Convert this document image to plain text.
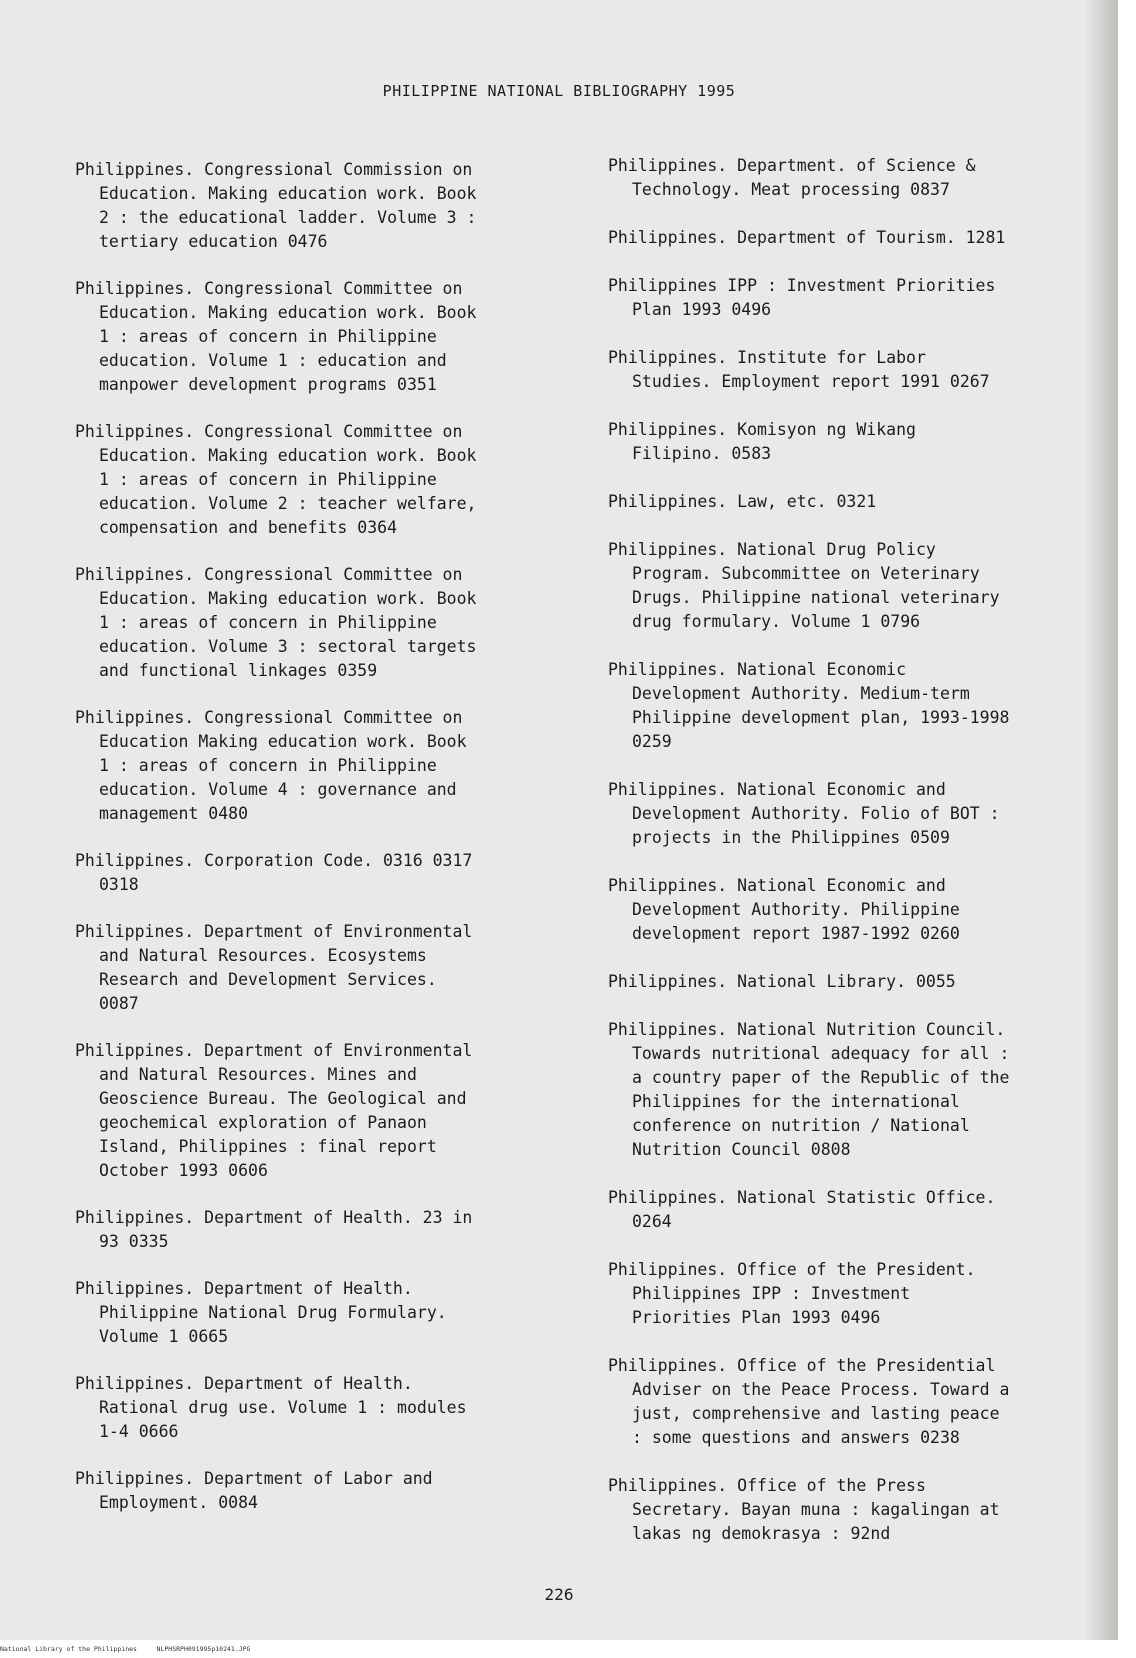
PHILIPPINE NATIONAL BIBLIOGRAPHY 1995
Philippines. Congressional Commission on
Education. Making education work. Book
2 : the educational ladder. Volume 3 :
tertiary education 0476
Philippines. Congressional Committee on
Education. Making education work. Book
1 : areas of concern in Philippine
education. Volume 1 : education and
manpower development programs 0351
Philippines. Congressional Committee on
Education. Making education work. Book
1 : areas of concern in Philippine
education. Volume 2 : teacher welfare,
compensation and benefits 0364
Philippines. Congressional Committee on
Education. Making education work. Book
1 : areas of concern in Philippine
education. Volume 3 : sectoral targets
and functional linkages 0359
Philippines. Congressional Committee on
Education Making education work. Book
1 : areas of concern in Philippine
education. Volume 4 : governance and
management 0480
Philippines. Corporation Code. 0316 0317
0318
Philippines. Department of Environmental
and Natural Resources. Ecosystems
Research and Development Services.
0087
Philippines. Department of Environmental
and Natural Resources. Mines and
Geoscience Bureau. The Geological and
geochemical exploration of Panaon
Island, Philippines : final report
October 1993 0606
Philippines. Department of Health. 23 in
93 0335
Philippines. Department of Health.
Philippine National Drug Formulary.
Volume 1 0665
Philippines. Department of Health.
Rational drug use. Volume 1 : modules
1-4 0666
Philippines. Department of Labor and
Employment. 0084
Philippines. Department. of Science &
Technology. Meat processing 0837
Philippines. Department of Tourism. 1281
Philippines IPP : Investment Priorities
Plan 1993 0496
Philippines. Institute for Labor
Studies. Employment report 1991 0267
Philippines. Komisyon ng Wikang
Filipino. 0583
Philippines. Law, etc. 0321
Philippines. National Drug Policy
Program. Subcommittee on Veterinary
Drugs. Philippine national veterinary
drug formulary. Volume 1 0796
Philippines. National Economic
Development Authority. Medium-term
Philippine development plan, 1993-1998
0259
Philippines. National Economic and
Development Authority. Folio of BOT :
projects in the Philippines 0509
Philippines. National Economic and
Development Authority. Philippine
development report 1987-1992 0260
Philippines. National Library. 0055
Philippines. National Nutrition Council.
Towards nutritional adequacy for all :
a country paper of the Republic of the
Philippines for the international
conference on nutrition / National
Nutrition Council 0808
Philippines. National Statistic Office.
0264
Philippines. Office of the President.
Philippines IPP : Investment
Priorities Plan 1993 0496
Philippines. Office of the Presidential
Adviser on the Peace Process. Toward a
just, comprehensive and lasting peace
: some questions and answers 0238
Philippines. Office of the Press
Secretary. Bayan muna : kagalingan at
lakas ng demokrasya : 92nd
226
National Library of the Philippines	NLPHSRPH091995p10241.JPG
